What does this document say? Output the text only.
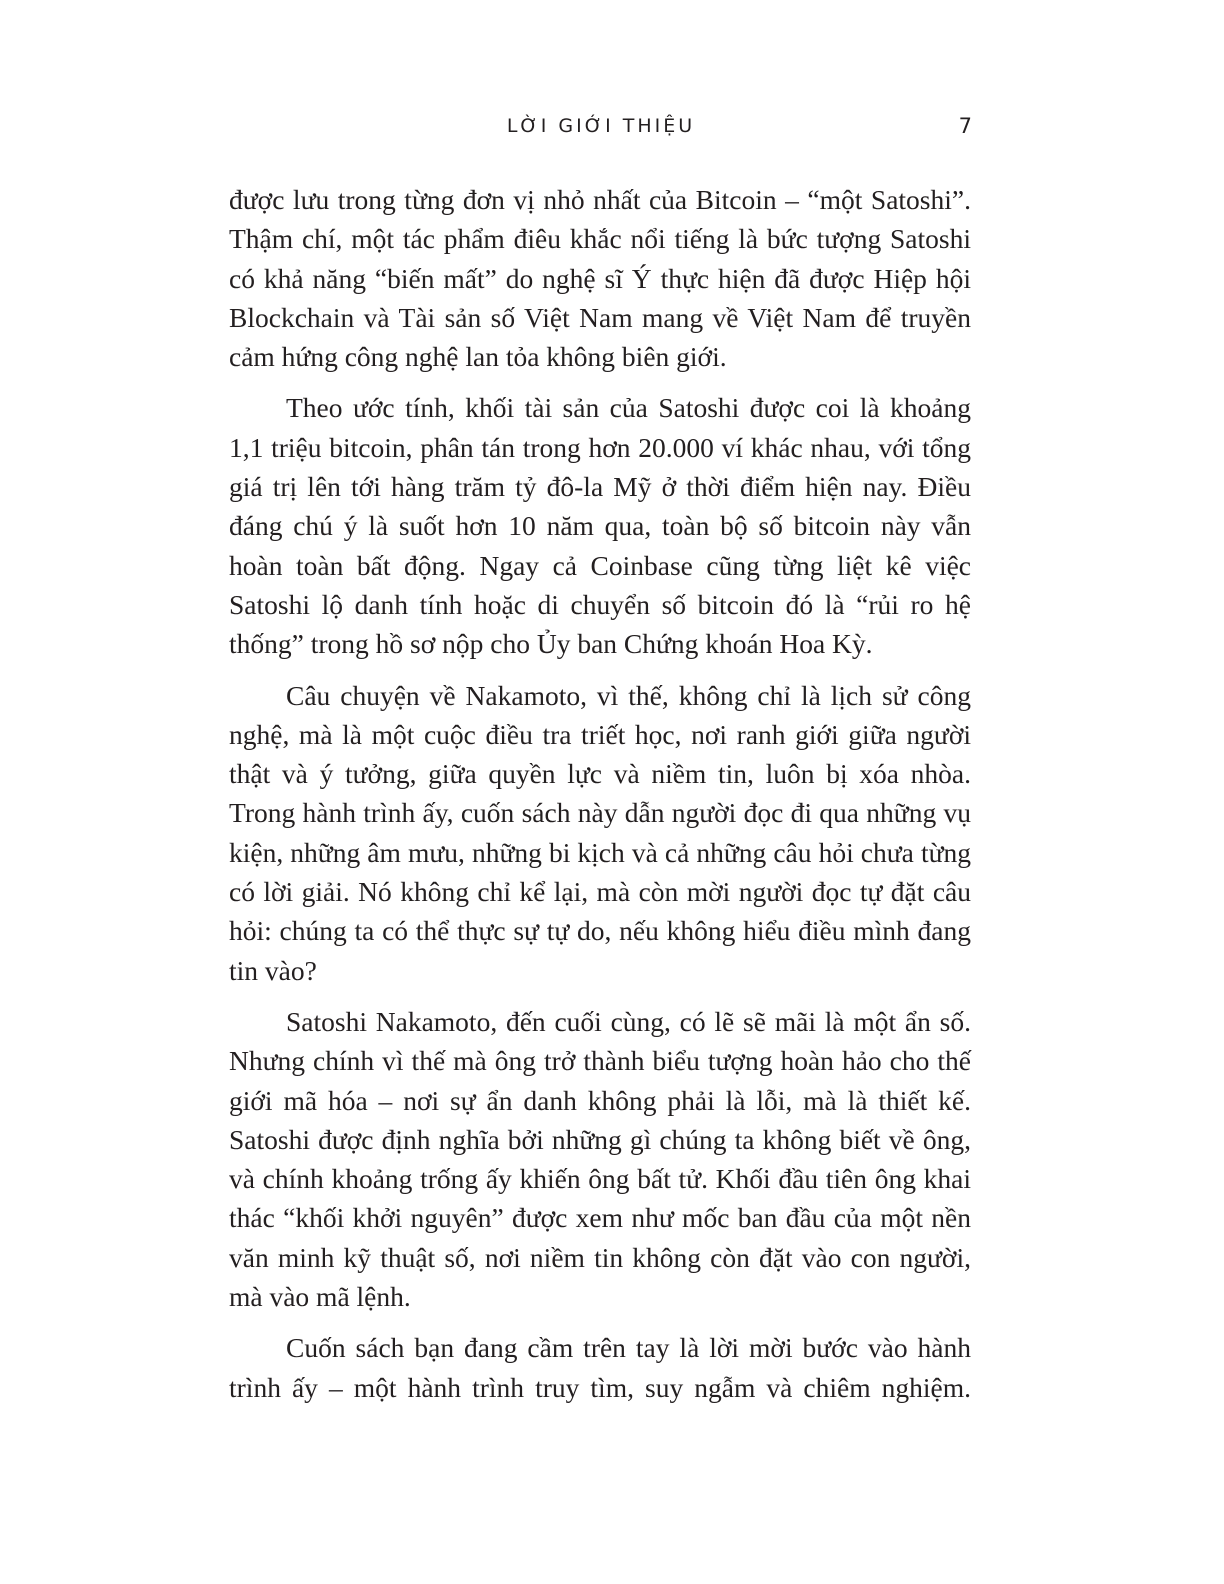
LỜI GIỚI THIỆU	7

được lưu trong từng đơn vị nhỏ nhất của Bitcoin – “một Satoshi”. Thậm chí, một tác phẩm điêu khắc nổi tiếng là bức tượng Satoshi có khả năng “biến mất” do nghệ sĩ Ý thực hiện đã được Hiệp hội Blockchain và Tài sản số Việt Nam mang về Việt Nam để truyền cảm hứng công nghệ lan tỏa không biên giới.

Theo ước tính, khối tài sản của Satoshi được coi là khoảng 1,1 triệu bitcoin, phân tán trong hơn 20.000 ví khác nhau, với tổng giá trị lên tới hàng trăm tỷ đô-la Mỹ ở thời điểm hiện nay. Điều đáng chú ý là suốt hơn 10 năm qua, toàn bộ số bitcoin này vẫn hoàn toàn bất động. Ngay cả Coinbase cũng từng liệt kê việc Satoshi lộ danh tính hoặc di chuyển số bitcoin đó là “rủi ro hệ thống” trong hồ sơ nộp cho Ủy ban Chứng khoán Hoa Kỳ.

Câu chuyện về Nakamoto, vì thế, không chỉ là lịch sử công nghệ, mà là một cuộc điều tra triết học, nơi ranh giới giữa người thật và ý tưởng, giữa quyền lực và niềm tin, luôn bị xóa nhòa. Trong hành trình ấy, cuốn sách này dẫn người đọc đi qua những vụ kiện, những âm mưu, những bi kịch và cả những câu hỏi chưa từng có lời giải. Nó không chỉ kể lại, mà còn mời người đọc tự đặt câu hỏi: chúng ta có thể thực sự tự do, nếu không hiểu điều mình đang tin vào?

Satoshi Nakamoto, đến cuối cùng, có lẽ sẽ mãi là một ẩn số. Nhưng chính vì thế mà ông trở thành biểu tượng hoàn hảo cho thế giới mã hóa – nơi sự ẩn danh không phải là lỗi, mà là thiết kế. Satoshi được định nghĩa bởi những gì chúng ta không biết về ông, và chính khoảng trống ấy khiến ông bất tử. Khối đầu tiên ông khai thác “khối khởi nguyên” được xem như mốc ban đầu của một nền văn minh kỹ thuật số, nơi niềm tin không còn đặt vào con người, mà vào mã lệnh.

Cuốn sách bạn đang cầm trên tay là lời mời bước vào hành trình ấy – một hành trình truy tìm, suy ngẫm và chiêm nghiệm.
